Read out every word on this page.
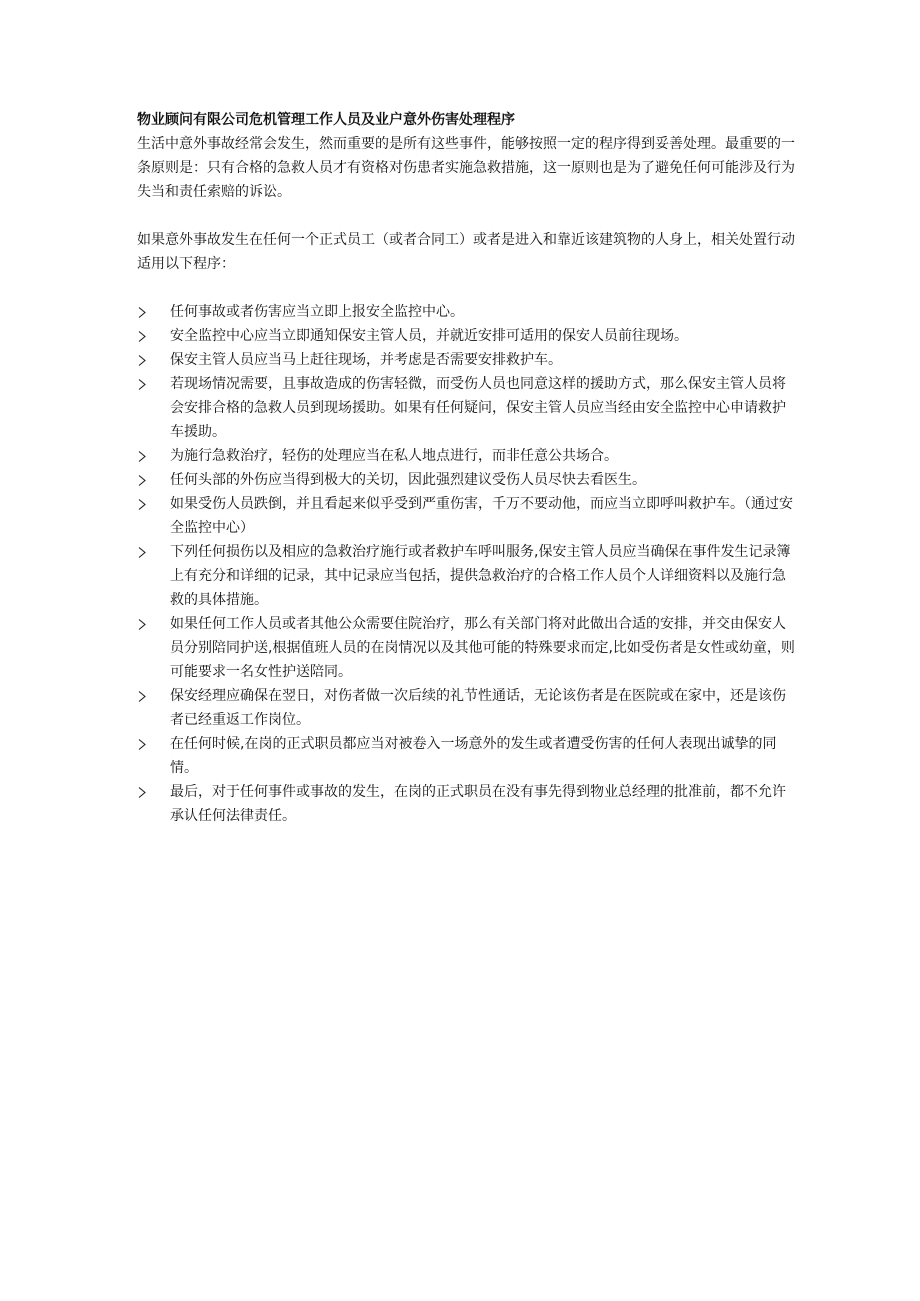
物业顾问有限公司危机管理工作人员及业户意外伤害处理程序

生活中意外事故经常会发生，然而重要的是所有这些事件，能够按照一定的程序得到妥善处理。最重要的一条原则是：只有合格的急救人员才有资格对伤患者实施急救措施，这一原则也是为了避免任何可能涉及行为失当和责任索赔的诉讼。

如果意外事故发生在任何一个正式员工（或者合同工）或者是进入和靠近该建筑物的人身上，相关处置行动适用以下程序：

任何事故或者伤害应当立即上报安全监控中心。
安全监控中心应当立即通知保安主管人员，并就近安排可适用的保安人员前往现场。
保安主管人员应当马上赶往现场，并考虑是否需要安排救护车。
若现场情况需要，且事故造成的伤害轻微，而受伤人员也同意这样的援助方式，那么保安主管人员将会安排合格的急救人员到现场援助。如果有任何疑问，保安主管人员应当经由安全监控中心申请救护车援助。
为施行急救治疗，轻伤的处理应当在私人地点进行，而非任意公共场合。
任何头部的外伤应当得到极大的关切，因此强烈建议受伤人员尽快去看医生。
如果受伤人员跌倒，并且看起来似乎受到严重伤害，千万不要动他，而应当立即呼叫救护车。（通过安全监控中心）
下列任何损伤以及相应的急救治疗施行或者救护车呼叫服务,保安主管人员应当确保在事件发生记录簿上有充分和详细的记录，其中记录应当包括，提供急救治疗的合格工作人员个人详细资料以及施行急救的具体措施。
如果任何工作人员或者其他公众需要住院治疗，那么有关部门将对此做出合适的安排，并交由保安人员分别陪同护送,根据值班人员的在岗情况以及其他可能的特殊要求而定,比如受伤者是女性或幼童，则可能要求一名女性护送陪同。
保安经理应确保在翌日，对伤者做一次后续的礼节性通话，无论该伤者是在医院或在家中，还是该伤者已经重返工作岗位。
在任何时候,在岗的正式职员都应当对被卷入一场意外的发生或者遭受伤害的任何人表现出诚挚的同情。
最后，对于任何事件或事故的发生，在岗的正式职员在没有事先得到物业总经理的批准前，都不允许承认任何法律责任。
